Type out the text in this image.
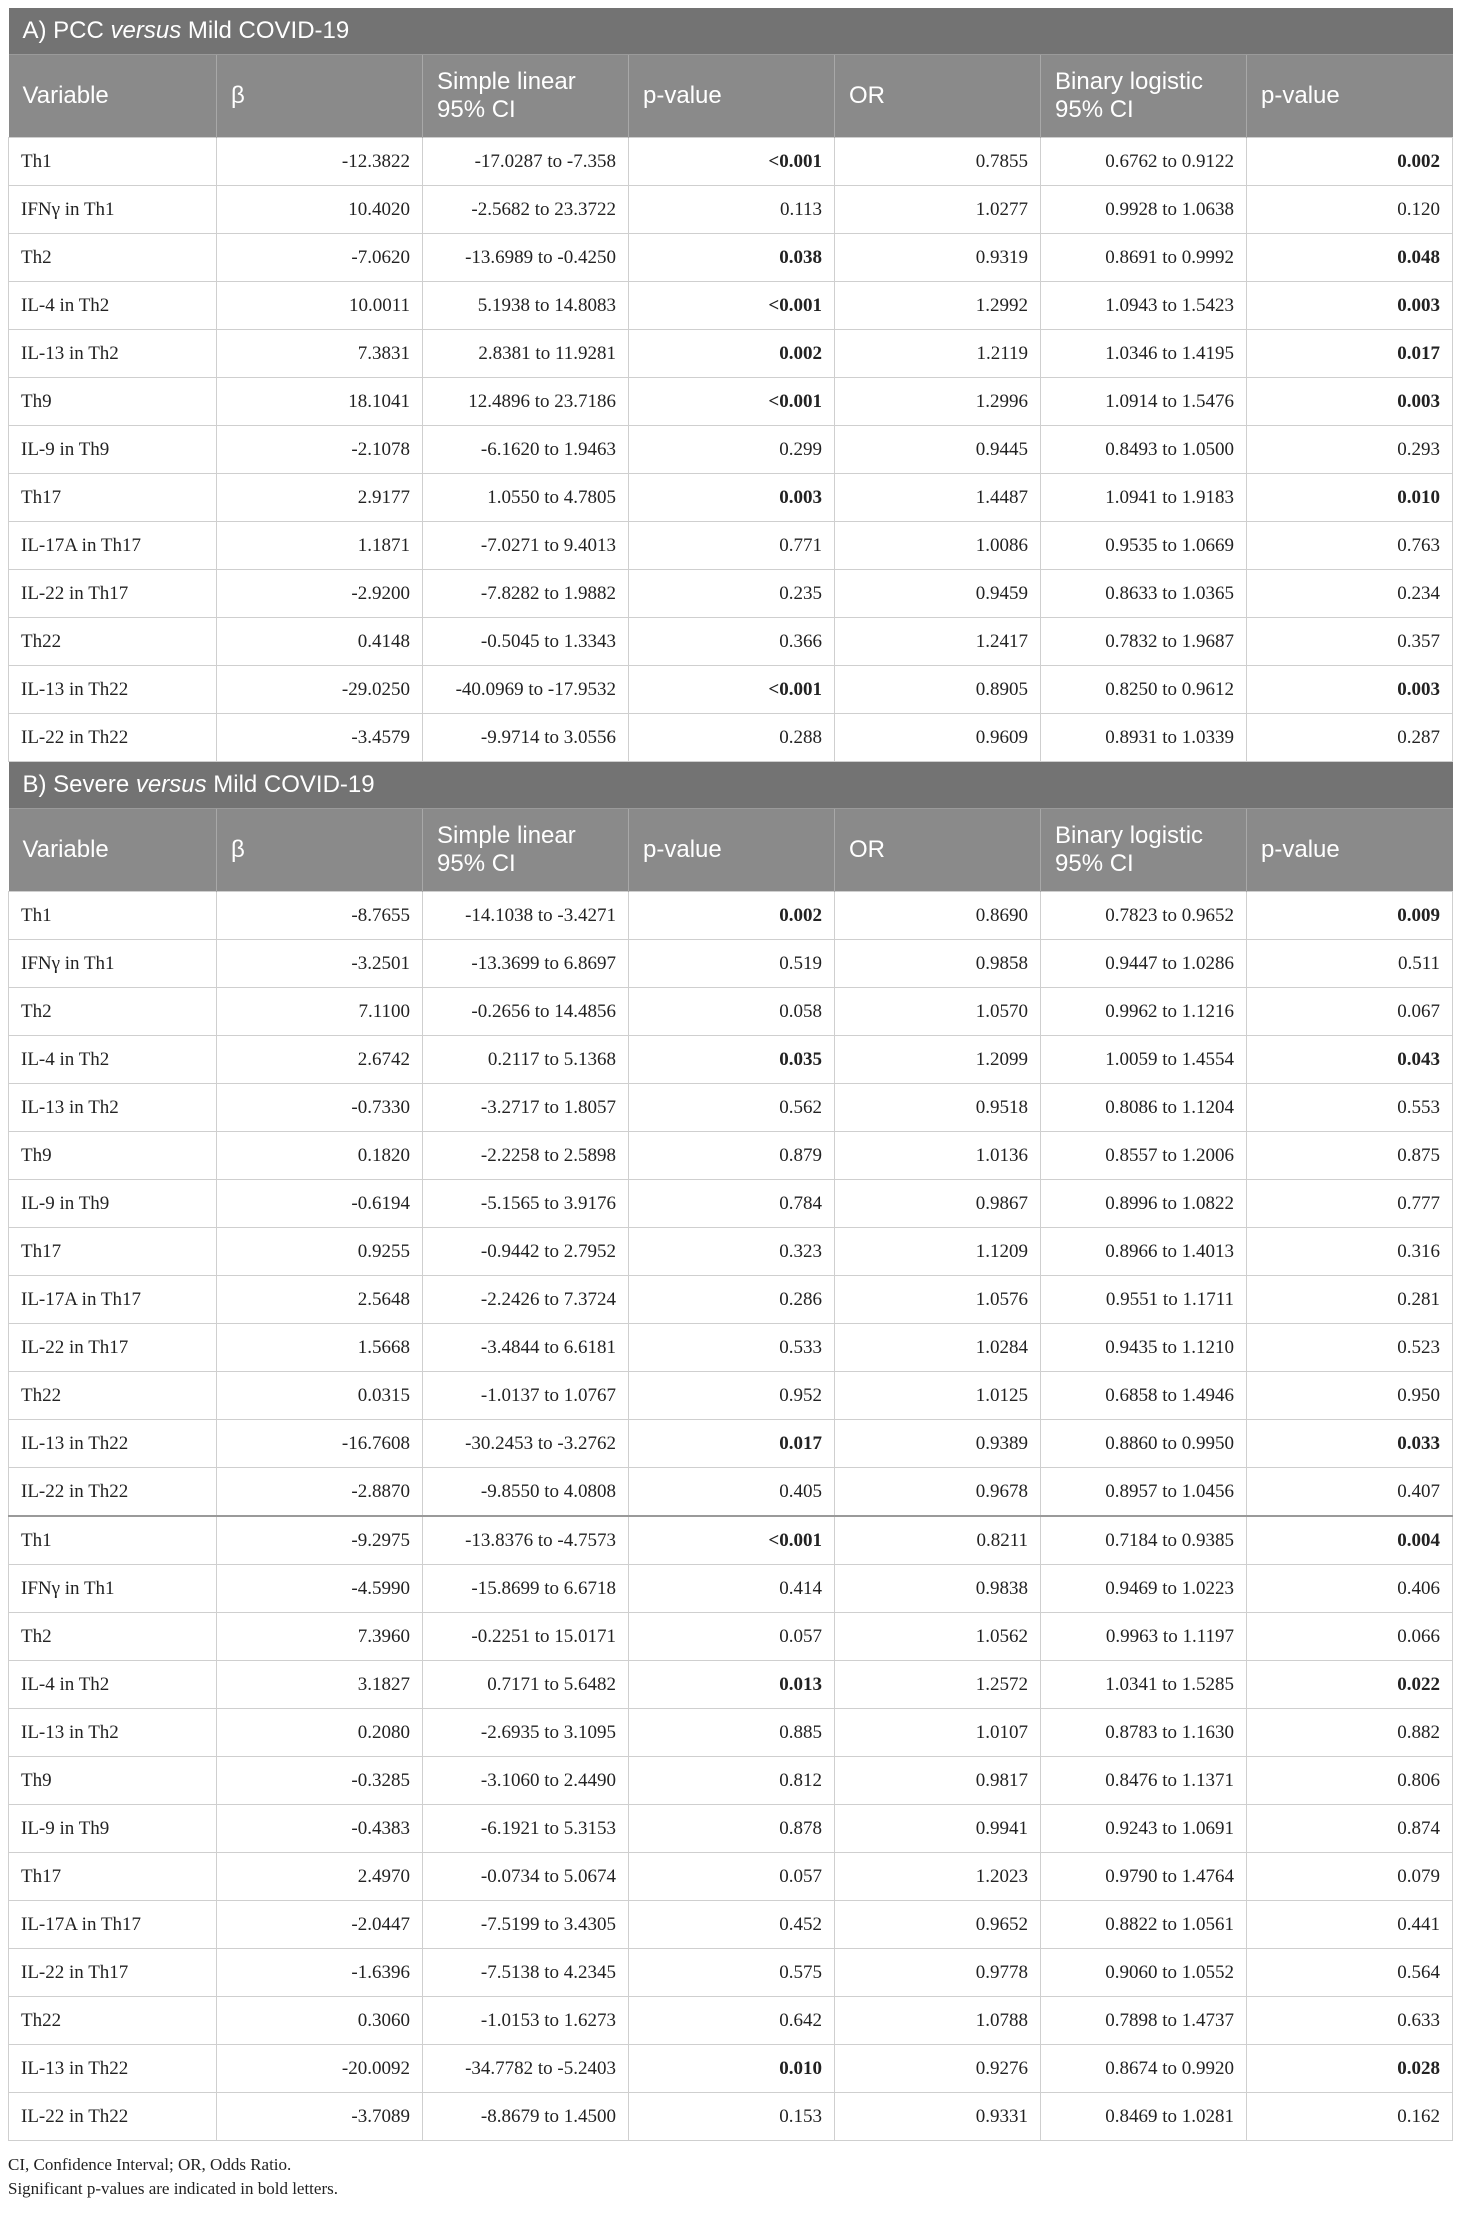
A) PCC versus Mild COVID-19						
Variable	β	Simple linear 95% CI	p-value	OR	Binary logistic 95% CI	p-value
Th1	-12.3822	-17.0287 to -7.358	<0.001	0.7855	0.6762 to 0.9122	0.002
IFNγ in Th1	10.4020	-2.5682 to 23.3722	0.113	1.0277	0.9928 to 1.0638	0.120
Th2	-7.0620	-13.6989 to -0.4250	0.038	0.9319	0.8691 to 0.9992	0.048
IL-4 in Th2	10.0011	5.1938 to 14.8083	<0.001	1.2992	1.0943 to 1.5423	0.003
IL-13 in Th2	7.3831	2.8381 to 11.9281	0.002	1.2119	1.0346 to 1.4195	0.017
Th9	18.1041	12.4896 to 23.7186	<0.001	1.2996	1.0914 to 1.5476	0.003
IL-9 in Th9	-2.1078	-6.1620 to 1.9463	0.299	0.9445	0.8493 to 1.0500	0.293
Th17	2.9177	1.0550 to 4.7805	0.003	1.4487	1.0941 to 1.9183	0.010
IL-17A in Th17	1.1871	-7.0271 to 9.4013	0.771	1.0086	0.9535 to 1.0669	0.763
IL-22 in Th17	-2.9200	-7.8282 to 1.9882	0.235	0.9459	0.8633 to 1.0365	0.234
Th22	0.4148	-0.5045 to 1.3343	0.366	1.2417	0.7832 to 1.9687	0.357
IL-13 in Th22	-29.0250	-40.0969 to -17.9532	<0.001	0.8905	0.8250 to 0.9612	0.003
IL-22 in Th22	-3.4579	-9.9714 to 3.0556	0.288	0.9609	0.8931 to 1.0339	0.287
B) Severe versus Mild COVID-19						
Variable	β	Simple linear 95% CI	p-value	OR	Binary logistic 95% CI	p-value
Th1	-8.7655	-14.1038 to -3.4271	0.002	0.8690	0.7823 to 0.9652	0.009
IFNγ in Th1	-3.2501	-13.3699 to 6.8697	0.519	0.9858	0.9447 to 1.0286	0.511
Th2	7.1100	-0.2656 to 14.4856	0.058	1.0570	0.9962 to 1.1216	0.067
IL-4 in Th2	2.6742	0.2117 to 5.1368	0.035	1.2099	1.0059 to 1.4554	0.043
IL-13 in Th2	-0.7330	-3.2717 to 1.8057	0.562	0.9518	0.8086 to 1.1204	0.553
Th9	0.1820	-2.2258 to 2.5898	0.879	1.0136	0.8557 to 1.2006	0.875
IL-9 in Th9	-0.6194	-5.1565 to 3.9176	0.784	0.9867	0.8996 to 1.0822	0.777
Th17	0.9255	-0.9442 to 2.7952	0.323	1.1209	0.8966 to 1.4013	0.316
IL-17A in Th17	2.5648	-2.2426 to 7.3724	0.286	1.0576	0.9551 to 1.1711	0.281
IL-22 in Th17	1.5668	-3.4844 to 6.6181	0.533	1.0284	0.9435 to 1.1210	0.523
Th22	0.0315	-1.0137 to 1.0767	0.952	1.0125	0.6858 to 1.4946	0.950
IL-13 in Th22	-16.7608	-30.2453 to -3.2762	0.017	0.9389	0.8860 to 0.9950	0.033
IL-22 in Th22	-2.8870	-9.8550 to 4.0808	0.405	0.9678	0.8957 to 1.0456	0.407
Th1	-9.2975	-13.8376 to -4.7573	<0.001	0.8211	0.7184 to 0.9385	0.004
IFNγ in Th1	-4.5990	-15.8699 to 6.6718	0.414	0.9838	0.9469 to 1.0223	0.406
Th2	7.3960	-0.2251 to 15.0171	0.057	1.0562	0.9963 to 1.1197	0.066
IL-4 in Th2	3.1827	0.7171 to 5.6482	0.013	1.2572	1.0341 to 1.5285	0.022
IL-13 in Th2	0.2080	-2.6935 to 3.1095	0.885	1.0107	0.8783 to 1.1630	0.882
Th9	-0.3285	-3.1060 to 2.4490	0.812	0.9817	0.8476 to 1.1371	0.806
IL-9 in Th9	-0.4383	-6.1921 to 5.3153	0.878	0.9941	0.9243 to 1.0691	0.874
Th17	2.4970	-0.0734 to 5.0674	0.057	1.2023	0.9790 to 1.4764	0.079
IL-17A in Th17	-2.0447	-7.5199 to 3.4305	0.452	0.9652	0.8822 to 1.0561	0.441
IL-22 in Th17	-1.6396	-7.5138 to 4.2345	0.575	0.9778	0.9060 to 1.0552	0.564
Th22	0.3060	-1.0153 to 1.6273	0.642	1.0788	0.7898 to 1.4737	0.633
IL-13 in Th22	-20.0092	-34.7782 to -5.2403	0.010	0.9276	0.8674 to 0.9920	0.028
IL-22 in Th22	-3.7089	-8.8679 to 1.4500	0.153	0.9331	0.8469 to 1.0281	0.162
CI, Confidence Interval; OR, Odds Ratio.
Significant p-values are indicated in bold letters.
